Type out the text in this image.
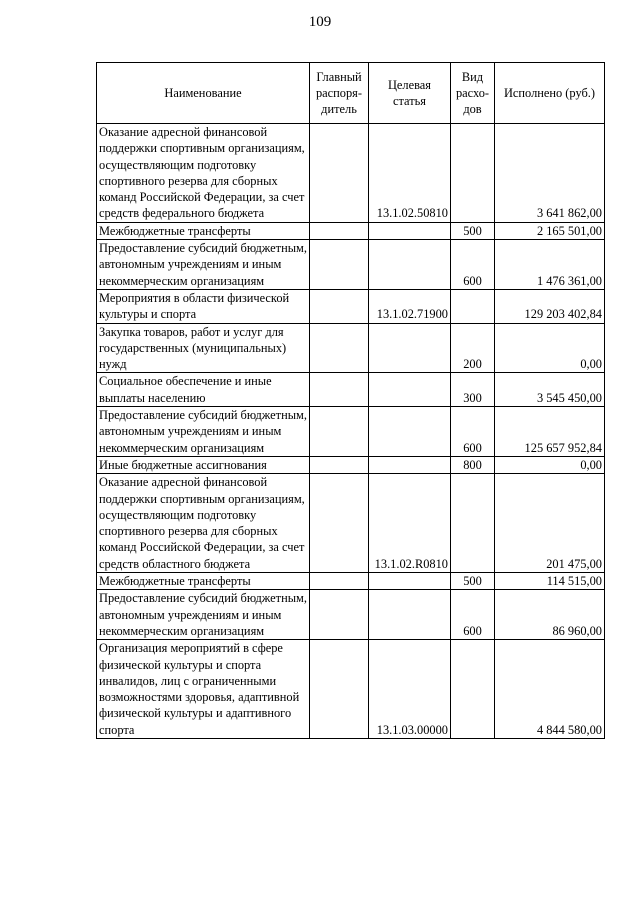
109
Наименование	Главный распоря-дитель	Целевая статья	Вид расхо-дов	Исполнено (руб.)
Оказание адресной финансовой поддержки спортивным организациям, осуществляющим подготовку спортивного резерва для сборных команд Российской Федерации, за счет средств федерального бюджета		13.1.02.50810		3 641 862,00
Межбюджетные трансферты			500	2 165 501,00
Предоставление субсидий бюджетным, автономным учреждениям и иным некоммерческим организациям			600	1 476 361,00
Мероприятия в области физической культуры и спорта		13.1.02.71900		129 203 402,84
Закупка товаров, работ и услуг для государственных (муниципальных) нужд			200	0,00
Социальное обеспечение и иные выплаты населению			300	3 545 450,00
Предоставление субсидий бюджетным, автономным учреждениям и иным некоммерческим организациям			600	125 657 952,84
Иные бюджетные ассигнования			800	0,00
Оказание адресной финансовой поддержки спортивным организациям, осуществляющим подготовку спортивного резерва для сборных команд Российской Федерации, за счет средств областного бюджета		13.1.02.R0810		201 475,00
Межбюджетные трансферты			500	114 515,00
Предоставление субсидий бюджетным, автономным учреждениям и иным некоммерческим организациям			600	86 960,00
Организация мероприятий в сфере физической культуры и спорта инвалидов, лиц с ограниченными возможностями здоровья, адаптивной физической культуры и адаптивного спорта		13.1.03.00000		4 844 580,00
